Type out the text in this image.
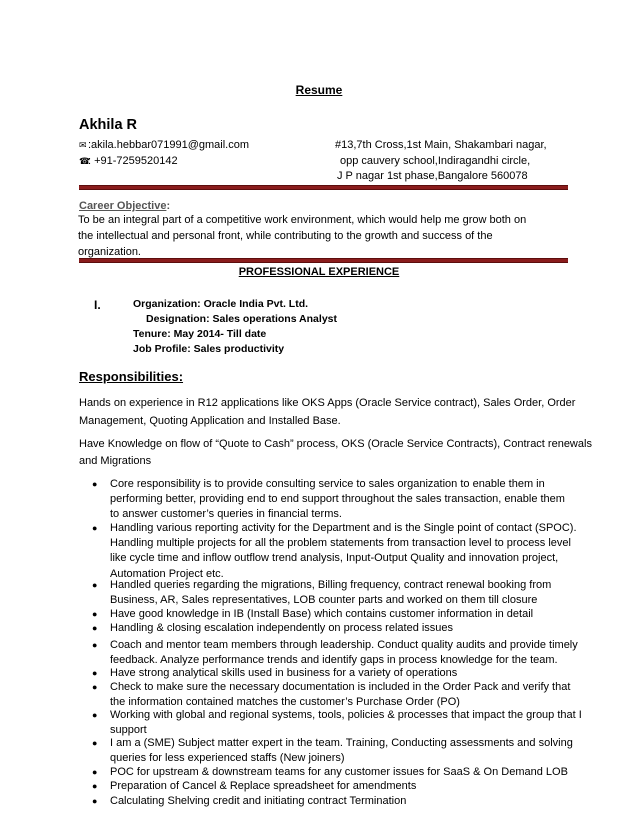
Resume
Akhila R
✉:akila.hebbar071991@gmail.com
☎: +91-7259520142
#13,7th Cross,1st Main, Shakambari nagar,
opp cauvery school,Indiragandhi circle,
J P nagar 1st phase,Bangalore 560078
Career Objective:
To be an integral part of a competitive work environment, which would help me grow both on
the intellectual and personal front, while contributing to the growth and success of the
organization.
PROFESSIONAL EXPERIENCE
I.	Organization: Oracle India Pvt. Ltd.
Designation: Sales operations Analyst
Tenure: May 2014- Till date
Job Profile: Sales productivity
Responsibilities:
Hands on experience in R12 applications like OKS Apps (Oracle Service contract), Sales Order, Order
Management, Quoting Application and Installed Base.
Have Knowledge on flow of “Quote to Cash” process, OKS (Oracle Service Contracts), Contract renewals
and Migrations
● Core responsibility is to provide consulting service to sales organization to enable them in
performing better, providing end to end support throughout the sales transaction, enable them
to answer customer’s queries in financial terms.
● Handling various reporting activity for the Department and is the Single point of contact (SPOC).
Handling multiple projects for all the problem statements from transaction level to process level
like cycle time and inflow outflow trend analysis, Input-Output Quality and innovation project,
Automation Project etc.
● Handled queries regarding the migrations, Billing frequency, contract renewal booking from
Business, AR, Sales representatives, LOB counter parts and worked on them till closure
● Have good knowledge in IB (Install Base) which contains customer information in detail
● Handling & closing escalation independently on process related issues
● Coach and mentor team members through leadership. Conduct quality audits and provide timely
feedback. Analyze performance trends and identify gaps in process knowledge for the team.
● Have strong analytical skills used in business for a variety of operations
● Check to make sure the necessary documentation is included in the Order Pack and verify that
the information contained matches the customer’s Purchase Order (PO)
● Working with global and regional systems, tools, policies & processes that impact the group that I
support
● I am a (SME) Subject matter expert in the team. Training, Conducting assessments and solving
queries for less experienced staffs (New joiners)
● POC for upstream & downstream teams for any customer issues for SaaS & On Demand LOB
● Preparation of Cancel & Replace spreadsheet for amendments
● Calculating Shelving credit and initiating contract Termination
